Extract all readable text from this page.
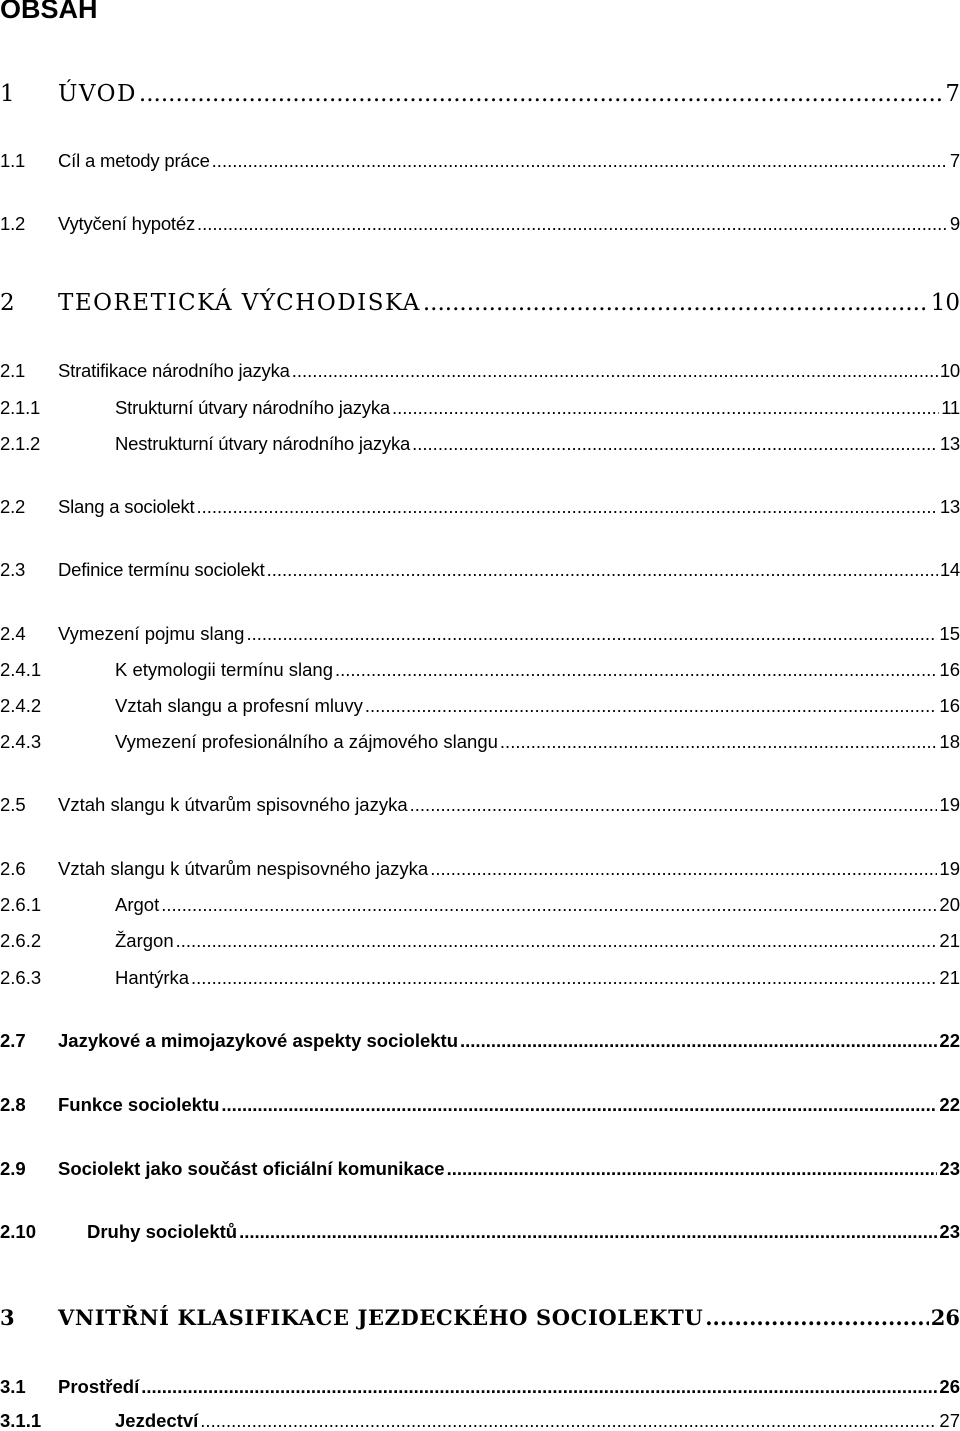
OBSAH
1	ÚVOD .....	7
1.1	Cíl a metody práce .....	7
1.2	Vytyčení hypotéz .....	9
2	TEORETICKÁ VÝCHODISKA .....	10
2.1	Stratifikace národního jazyka .....	10
2.1.1	Strukturní útvary národního jazyka .....	11
2.1.2	Nestrukturní útvary národního jazyka .....	13
2.2	Slang a sociolekt .....	13
2.3	Definice termínu sociolekt .....	14
2.4	Vymezení pojmu slang .....	15
2.4.1	K etymologii termínu slang .....	16
2.4.2	Vztah slangu a profesní mluvy .....	16
2.4.3	Vymezení profesionálního a zájmového slangu .....	18
2.5	Vztah slangu k útvarům spisovného jazyka .....	19
2.6	Vztah slangu k útvarům nespisovného jazyka .....	19
2.6.1	Argot .....	20
2.6.2	Žargon .....	21
2.6.3	Hantýrka .....	21
2.7	Jazykové a mimojazykové aspekty sociolektu .....	22
2.8	Funkce sociolektu .....	22
2.9	Sociolekt jako součást oficiální komunikace .....	23
2.10	Druhy sociolektů .....	23
3	VNITŘNÍ KLASIFIKACE JEZDECKÉHO SOCIOLEKTU .....	26
3.1	Prostředí .....	26
3.1.1	Jezdectví .....	27
